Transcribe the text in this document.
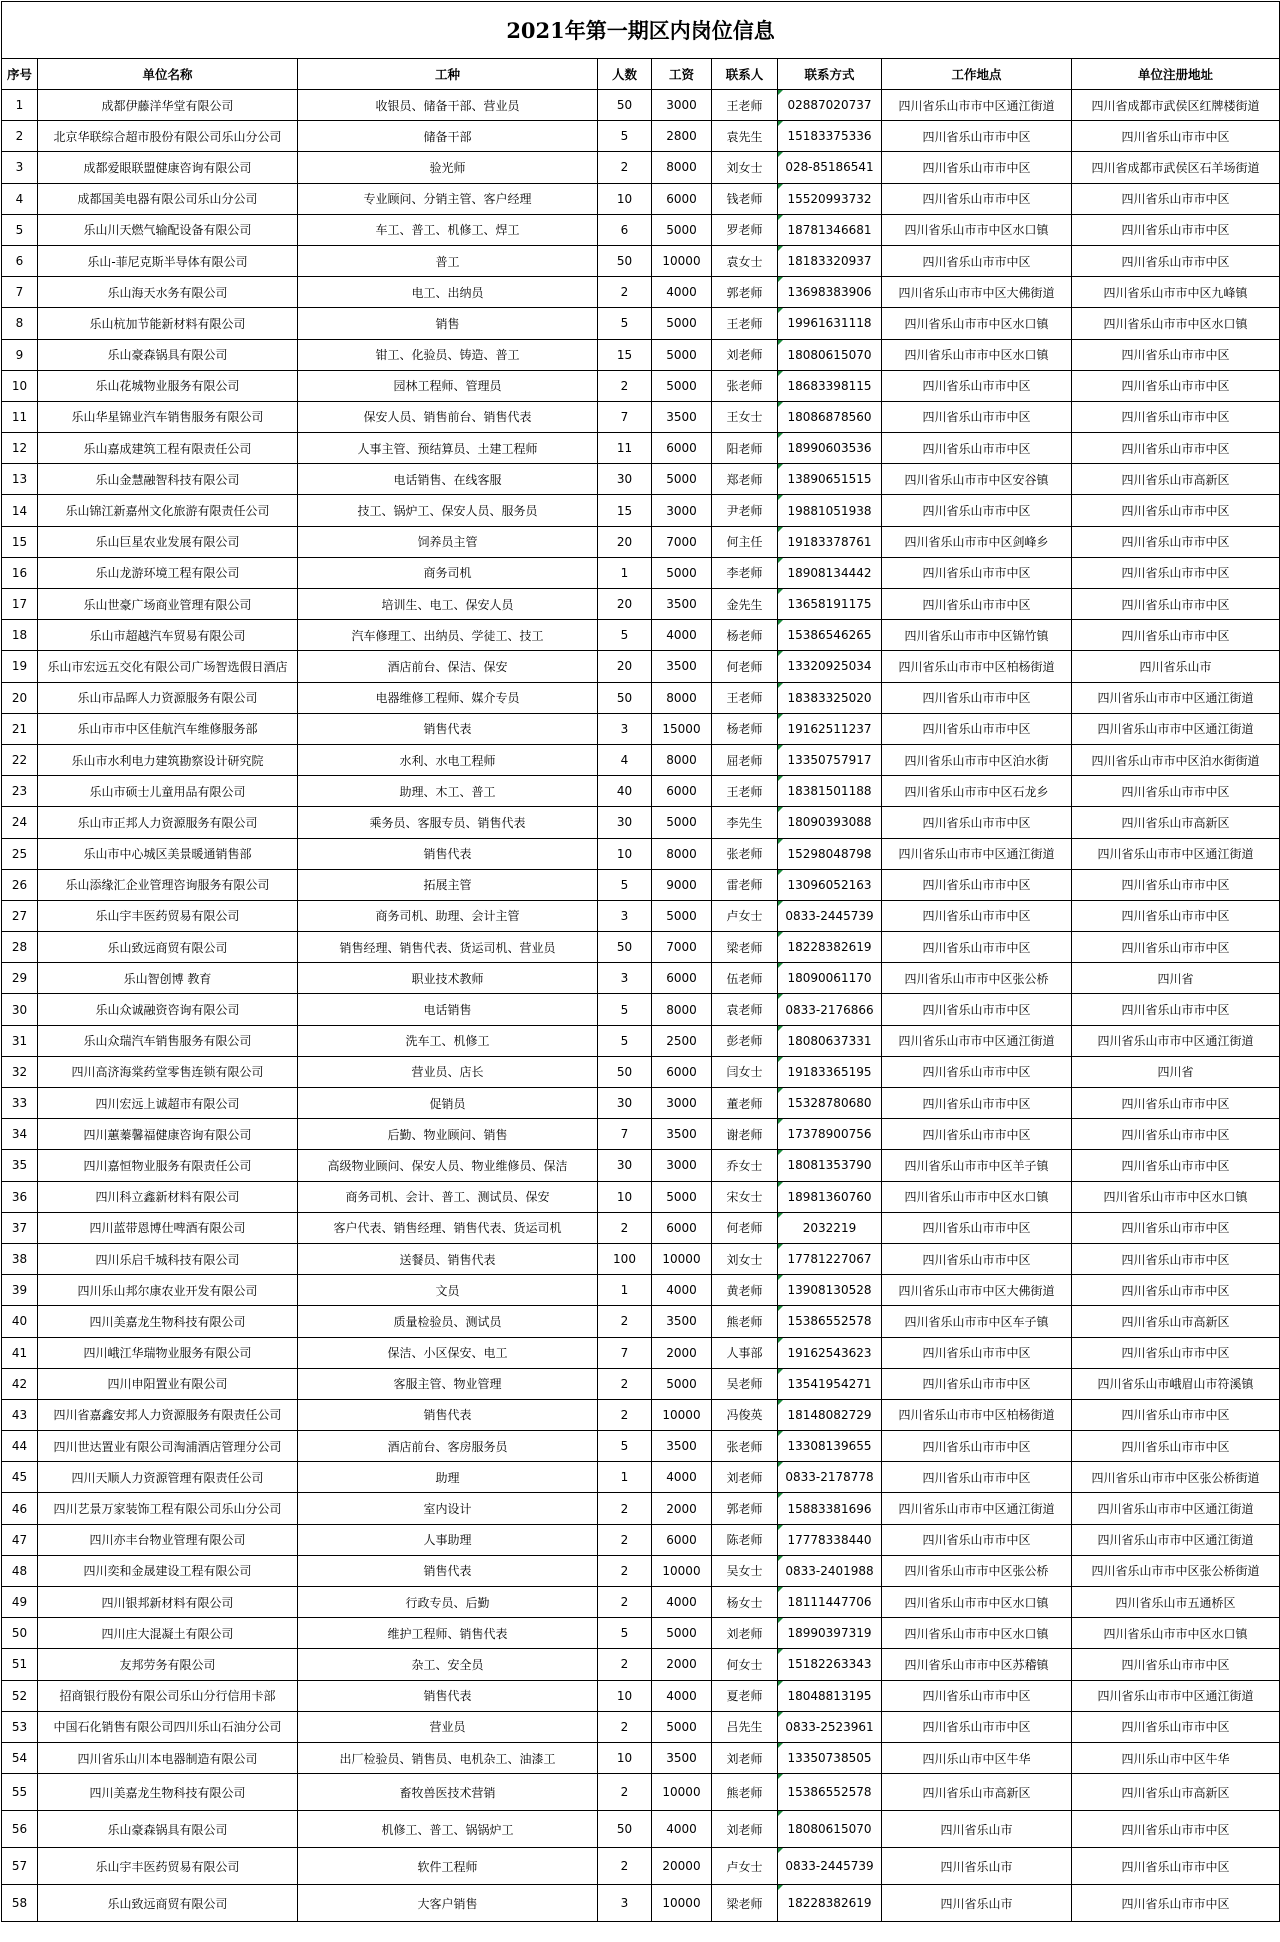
2021年第一期区内岗位信息								
序号	单位名称	工种	人数	工资	联系人	联系方式	工作地点	单位注册地址
1	成都伊藤洋华堂有限公司	收银员、储备干部、营业员	50	3000	王老师	02887020737	四川省乐山市市中区通江街道	四川省成都市武侯区红牌楼街道
2	北京华联综合超市股份有限公司乐山分公司	储备干部	5	2800	袁先生	15183375336	四川省乐山市市中区	四川省乐山市市中区
3	成都爱眼联盟健康咨询有限公司	验光师	2	8000	刘女士	028-85186541	四川省乐山市市中区	四川省成都市武侯区石羊场街道
4	成都国美电器有限公司乐山分公司	专业顾问、分销主管、客户经理	10	6000	钱老师	15520993732	四川省乐山市市中区	四川省乐山市市中区
5	乐山川天燃气输配设备有限公司	车工、普工、机修工、焊工	6	5000	罗老师	18781346681	四川省乐山市市中区水口镇	四川省乐山市市中区
6	乐山-菲尼克斯半导体有限公司	普工	50	10000	袁女士	18183320937	四川省乐山市市中区	四川省乐山市市中区
7	乐山海天水务有限公司	电工、出纳员	2	4000	郭老师	13698383906	四川省乐山市市中区大佛街道	四川省乐山市市中区九峰镇
8	乐山杭加节能新材料有限公司	销售	5	5000	王老师	19961631118	四川省乐山市市中区水口镇	四川省乐山市市中区水口镇
9	乐山豪森锅具有限公司	钳工、化验员、铸造、普工	15	5000	刘老师	18080615070	四川省乐山市市中区水口镇	四川省乐山市市中区
10	乐山花城物业服务有限公司	园林工程师、管理员	2	5000	张老师	18683398115	四川省乐山市市中区	四川省乐山市市中区
11	乐山华星锦业汽车销售服务有限公司	保安人员、销售前台、销售代表	7	3500	王女士	18086878560	四川省乐山市市中区	四川省乐山市市中区
12	乐山嘉成建筑工程有限责任公司	人事主管、预结算员、土建工程师	11	6000	阳老师	18990603536	四川省乐山市市中区	四川省乐山市市中区
13	乐山金慧融智科技有限公司	电话销售、在线客服	30	5000	郑老师	13890651515	四川省乐山市市中区安谷镇	四川省乐山市高新区
14	乐山锦江新嘉州文化旅游有限责任公司	技工、锅炉工、保安人员、服务员	15	3000	尹老师	19881051938	四川省乐山市市中区	四川省乐山市市中区
15	乐山巨星农业发展有限公司	饲养员主管	20	7000	何主任	19183378761	四川省乐山市市中区剑峰乡	四川省乐山市市中区
16	乐山龙游环境工程有限公司	商务司机	1	5000	李老师	18908134442	四川省乐山市市中区	四川省乐山市市中区
17	乐山世豪广场商业管理有限公司	培训生、电工、保安人员	20	3500	金先生	13658191175	四川省乐山市市中区	四川省乐山市市中区
18	乐山市超越汽车贸易有限公司	汽车修理工、出纳员、学徒工、技工	5	4000	杨老师	15386546265	四川省乐山市市中区锦竹镇	四川省乐山市市中区
19	乐山市宏远五交化有限公司广场智选假日酒店	酒店前台、保洁、保安	20	3500	何老师	13320925034	四川省乐山市市中区柏杨街道	四川省乐山市
20	乐山市品晖人力资源服务有限公司	电器维修工程师、媒介专员	50	8000	王老师	18383325020	四川省乐山市市中区	四川省乐山市市中区通江街道
21	乐山市市中区佳航汽车维修服务部	销售代表	3	15000	杨老师	19162511237	四川省乐山市市中区	四川省乐山市市中区通江街道
22	乐山市水利电力建筑勘察设计研究院	水利、水电工程师	4	8000	屈老师	13350757917	四川省乐山市市中区泊水街	四川省乐山市市中区泊水街街道
23	乐山市硕士儿童用品有限公司	助理、木工、普工	40	6000	王老师	18381501188	四川省乐山市市中区石龙乡	四川省乐山市市中区
24	乐山市正邦人力资源服务有限公司	乘务员、客服专员、销售代表	30	5000	李先生	18090393088	四川省乐山市市中区	四川省乐山市高新区
25	乐山市中心城区美景暖通销售部	销售代表	10	8000	张老师	15298048798	四川省乐山市市中区通江街道	四川省乐山市市中区通江街道
26	乐山添缘汇企业管理咨询服务有限公司	拓展主管	5	9000	雷老师	13096052163	四川省乐山市市中区	四川省乐山市市中区
27	乐山宇丰医药贸易有限公司	商务司机、助理、会计主管	3	5000	卢女士	0833-2445739	四川省乐山市市中区	四川省乐山市市中区
28	乐山致远商贸有限公司	销售经理、销售代表、货运司机、营业员	50	7000	梁老师	18228382619	四川省乐山市市中区	四川省乐山市市中区
29	乐山智创博 教育	职业技术教师	3	6000	伍老师	18090061170	四川省乐山市市中区张公桥	四川省
30	乐山众诚融资咨询有限公司	电话销售	5	8000	袁老师	0833-2176866	四川省乐山市市中区	四川省乐山市市中区
31	乐山众瑞汽车销售服务有限公司	洗车工、机修工	5	2500	彭老师	18080637331	四川省乐山市市中区通江街道	四川省乐山市市中区通江街道
32	四川高济海棠药堂零售连锁有限公司	营业员、店长	50	6000	闫女士	19183365195	四川省乐山市市中区	四川省
33	四川宏远上诚超市有限公司	促销员	30	3000	董老师	15328780680	四川省乐山市市中区	四川省乐山市市中区
34	四川蕙蓁馨福健康咨询有限公司	后勤、物业顾问、销售	7	3500	谢老师	17378900756	四川省乐山市市中区	四川省乐山市市中区
35	四川嘉恒物业服务有限责任公司	高级物业顾问、保安人员、物业维修员、保洁	30	3000	乔女士	18081353790	四川省乐山市市中区羊子镇	四川省乐山市市中区
36	四川科立鑫新材料有限公司	商务司机、会计、普工、测试员、保安	10	5000	宋女士	18981360760	四川省乐山市市中区水口镇	四川省乐山市市中区水口镇
37	四川蓝带恩博仕啤酒有限公司	客户代表、销售经理、销售代表、货运司机	2	6000	何老师	2032219	四川省乐山市市中区	四川省乐山市市中区
38	四川乐启千城科技有限公司	送餐员、销售代表	100	10000	刘女士	17781227067	四川省乐山市市中区	四川省乐山市市中区
39	四川乐山邦尔康农业开发有限公司	文员	1	4000	黄老师	13908130528	四川省乐山市市中区大佛街道	四川省乐山市市中区
40	四川美嘉龙生物科技有限公司	质量检验员、测试员	2	3500	熊老师	15386552578	四川省乐山市市中区车子镇	四川省乐山市高新区
41	四川峨江华瑞物业服务有限公司	保洁、小区保安、电工	7	2000	人事部	19162543623	四川省乐山市市中区	四川省乐山市市中区
42	四川申阳置业有限公司	客服主管、物业管理	2	5000	吴老师	13541954271	四川省乐山市市中区	四川省乐山市峨眉山市符溪镇
43	四川省嘉鑫安邦人力资源服务有限责任公司	销售代表	2	10000	冯俊英	18148082729	四川省乐山市市中区柏杨街道	四川省乐山市市中区
44	四川世达置业有限公司淘浦酒店管理分公司	酒店前台、客房服务员	5	3500	张老师	13308139655	四川省乐山市市中区	四川省乐山市市中区
45	四川天顺人力资源管理有限责任公司	助理	1	4000	刘老师	0833-2178778	四川省乐山市市中区	四川省乐山市市中区张公桥街道
46	四川艺景万家装饰工程有限公司乐山分公司	室内设计	2	2000	郭老师	15883381696	四川省乐山市市中区通江街道	四川省乐山市市中区通江街道
47	四川亦丰台物业管理有限公司	人事助理	2	6000	陈老师	17778338440	四川省乐山市市中区	四川省乐山市市中区通江街道
48	四川奕和金晟建设工程有限公司	销售代表	2	10000	吴女士	0833-2401988	四川省乐山市市中区张公桥	四川省乐山市市中区张公桥街道
49	四川银邦新材料有限公司	行政专员、后勤	2	4000	杨女士	18111447706	四川省乐山市市中区水口镇	四川省乐山市五通桥区
50	四川庄大混凝土有限公司	维护工程师、销售代表	5	5000	刘老师	18990397319	四川省乐山市市中区水口镇	四川省乐山市市中区水口镇
51	友邦劳务有限公司	杂工、安全员	2	2000	何女士	15182263343	四川省乐山市市中区苏稽镇	四川省乐山市市中区
52	招商银行股份有限公司乐山分行信用卡部	销售代表	10	4000	夏老师	18048813195	四川省乐山市市中区	四川省乐山市市中区通江街道
53	中国石化销售有限公司四川乐山石油分公司	营业员	2	5000	吕先生	0833-2523961	四川省乐山市市中区	四川省乐山市市中区
54	四川省乐山川本电器制造有限公司	出厂检验员、销售员、电机杂工、油漆工	10	3500	刘老师	13350738505	四川乐山市中区牛华	四川乐山市中区牛华
55	四川美嘉龙生物科技有限公司	畜牧兽医技术营销	2	10000	熊老师	15386552578	四川省乐山市高新区	四川省乐山市高新区
56	乐山豪森锅具有限公司	机修工、普工、锅锅炉工	50	4000	刘老师	18080615070	四川省乐山市	四川省乐山市市中区
57	乐山宇丰医药贸易有限公司	软件工程师	2	20000	卢女士	0833-2445739	四川省乐山市	四川省乐山市市中区
58	乐山致远商贸有限公司	大客户销售	3	10000	梁老师	18228382619	四川省乐山市	四川省乐山市市中区
